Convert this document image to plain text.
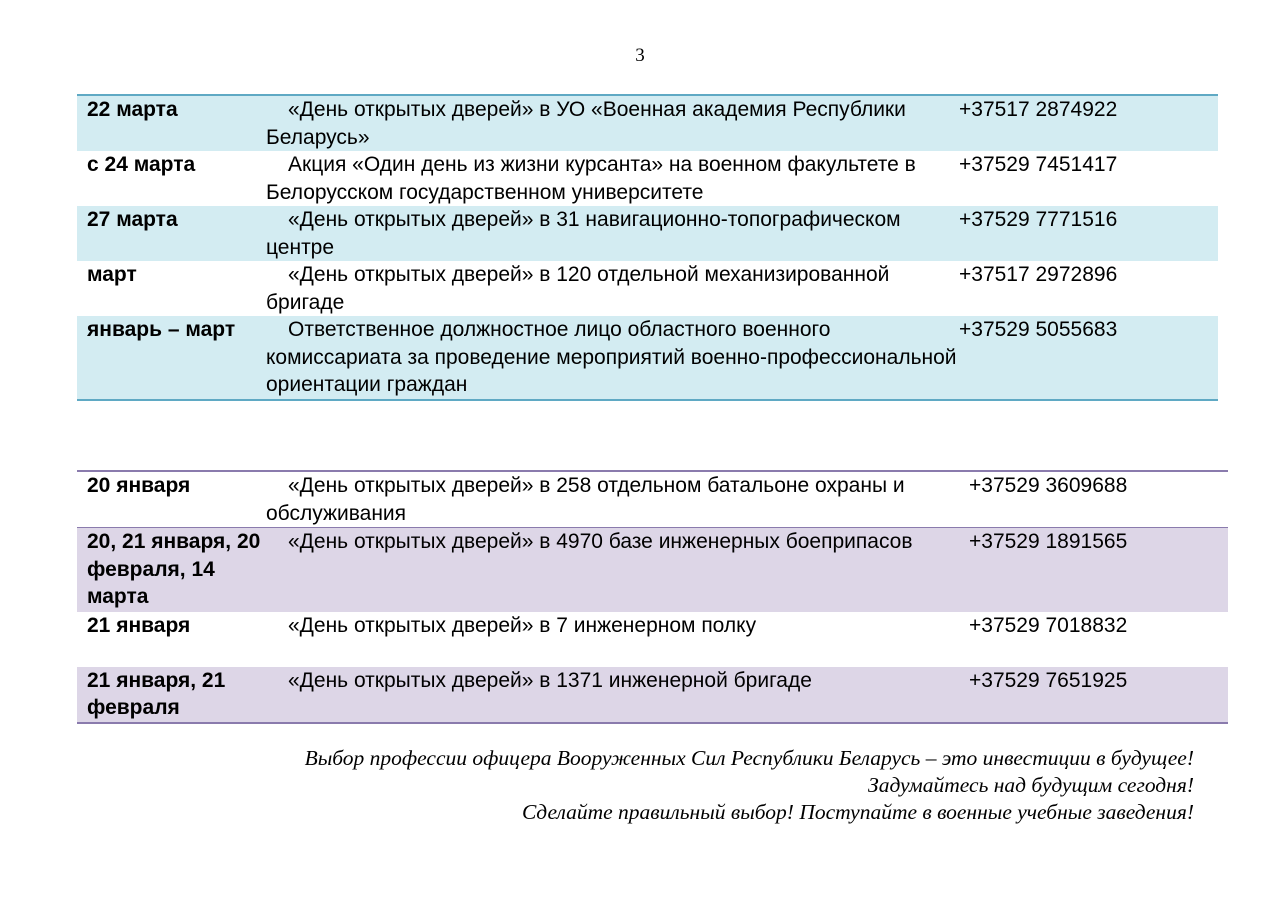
3
22 марта	«День открытых дверей» в УО «Военная академия Республики Беларусь»	+37517 2874922
с 24 марта	Акция «Один день из жизни курсанта» на военном факультете в Белорусском государственном университете	+37529 7451417
27 марта	«День открытых дверей» в 31 навигационно-топографическом центре	+37529 7771516
март	«День открытых дверей» в 120 отдельной механизированной бригаде	+37517 2972896
январь – март	Ответственное должностное лицо областного военного комиссариата за проведение мероприятий военно-профессиональной ориентации граждан	+37529 5055683
20 января	«День открытых дверей» в 258 отдельном батальоне охраны и обслуживания	+37529 3609688
20, 21 января, 20 февраля, 14 марта	«День открытых дверей» в 4970 базе инженерных боеприпасов	+37529 1891565
21 января	«День открытых дверей» в 7 инженерном полку	+37529 7018832
21 января, 21 февраля	«День открытых дверей» в 1371 инженерной бригаде	+37529 7651925
Выбор профессии офицера Вооруженных Сил Республики Беларусь – это инвестиции в будущее!
Задумайтесь над будущим сегодня!
Сделайте правильный выбор! Поступайте в военные учебные заведения!
